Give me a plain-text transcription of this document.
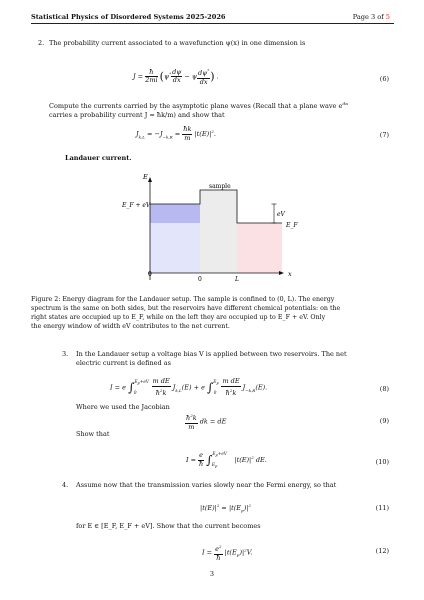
Statistical Physics of Disordered Systems 2025-2026	Page 3 of 5
2. The probability current associated to a wavefunction ψ(x) in one dimension is
$J = \frac{ħ}{2mi} (\psi^* \frac{d\psi}{dx} - \psi \frac{d\psi^*}{dx}$ ) .	(6)
Compute the currents carried by the asymptotic plane waves (Recall that a plane wave $e^{ikx}$
carries a probability current J = ħk/m) and show that
$J_{k,L} = -J_{-k,R} = \frac{ħk}{m} |t(E)|^2$.	(7)
Landauer current.
E
E_F + eV
sample
eV
E_F
0
0	L
x
Figure 2: Energy diagram for the Landauer setup. The sample is confined to (0, L). The energy
spectrum is the same on both sides, but the reservoirs have different chemical potentials: on the
right states are occupied up to E_F, while on the left they are occupied up to E_F + eV. Only
the energy window of width eV contributes to the net current.
3. In the Landauer setup a voltage bias V is applied between two reservoirs. The net
electric current is defined as
I = e $\int^{E_F+eV}_0 \frac{\text{m dE}}{ħ^2k} J_{k,L}(E) + e$ $\int^{E_F}_0 \frac{\text{m dE}}{ħ^2k} J_{-k,R}(E)$.	(8)
Where we used the Jacobian
$\frac{ħ^2k}{m}$ dk = dE	(9)
Show that
$I = \frac{e}{ħ} \int^{E_F+eV}_{E_F}$ $|t(E)|^2$ dE.	(10)
4. Assume now that the transmission varies slowly near the Fermi energy, so that
$|t(E)|^2$ ≃ $|t(E_F)|^2$	(11)
for E ∈ [E_F, E_F + eV]. Show that the current becomes
$I = \frac{e^2}{ħ} |t(E_F)|^2V$.	(12)
3
